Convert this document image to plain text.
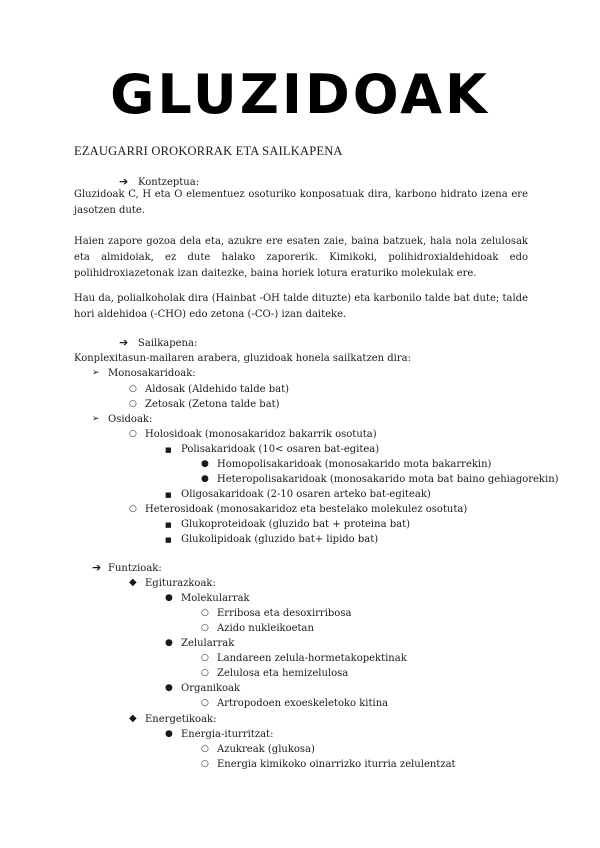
GLUZIDOAK
EZAUGARRI OROKORRAK ETA SAILKAPENA
➔ Kontzeptua:
Gluzidoak C, H eta O elementuez osoturiko konposatuak dira, karbono hidrato izena ere jasotzen dute.
Haien zapore gozoa dela eta, azukre ere esaten zaie, baina batzuek, hala nola zelulosak eta almidoiak, ez dute halako zaporerik. Kimikoki, polihidroxialdehidoak edo polihidroxiazetonak izan daitezke, baina horiek lotura eraturiko molekulak ere.
Hau da, polialkoholak dira (Hainbat -OH talde dituzte) eta karbonilo talde bat dute; talde hori aldehidoa (-CHO) edo zetona (-CO-) izan daiteke.
➔ Sailkapena:
Konplexitasun-mailaren arabera, gluzidoak honela sailkatzen dira:
➢ Monosakaridoak:
○ Aldosak (Aldehido talde bat)
○ Zetosak (Zetona talde bat)
➢ Osidoak:
○ Holosidoak (monosakaridoz bakarrik osotuta)
■ Polisakaridoak (10< osaren bat-egitea)
● Homopolisakaridoak (monosakarido mota bakarrekin)
● Heteropolisakaridoak (monosakarido mota bat baino gehiagorekin)
■ Oligosakaridoak (2-10 osaren arteko bat-egiteak)
○ Heterosidoak (monosakaridoz eta bestelako molekulez osotuta)
■ Glukoproteidoak (gluzido bat + proteina bat)
■ Glukolipidoak (gluzido bat+ lipido bat)
➔ Funtzioak:
◆ Egiturazkoak:
● Molekularrak
○ Erribosa eta desoxirribosa
○ Azido nukleikoetan
● Zelularrak
○ Landareen zelula-hormetakopektinak
○ Zelulosa eta hemizelulosa
● Organikoak
○ Artropodoen exoeskeletoko kitina
◆ Energetikoak:
● Energia-iturritzat:
○ Azukreak (glukosa)
○ Energia kimikoko oinarrizko iturria zelulentzat
